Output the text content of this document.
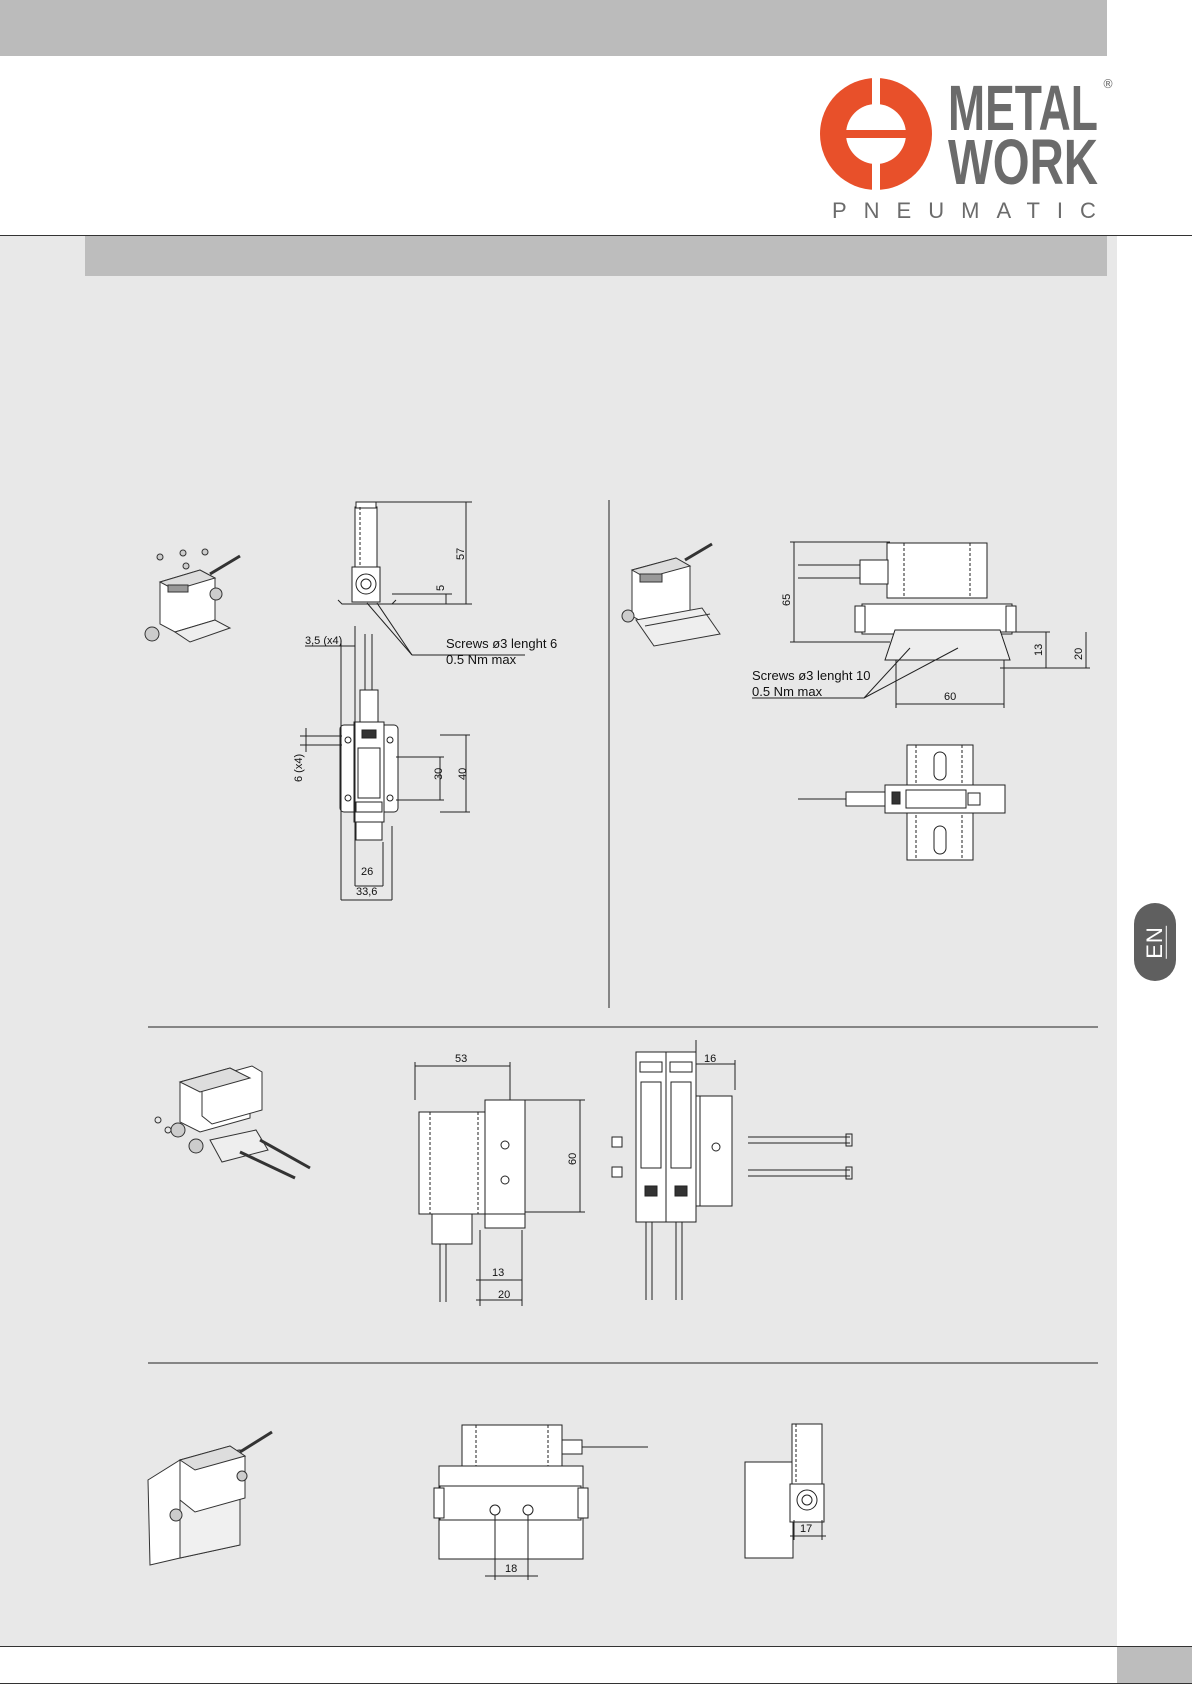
METAL
WORK
®
PNEUMATIC
EN
57
5
Screws ø3 lenght 6
0.5 Nm max
3,5 (x4)
6 (x4)	30 40
26
33,6
65
13	20
60
Screws ø3 lenght 10
0.5 Nm max
53
60
13
20
16
18
17
